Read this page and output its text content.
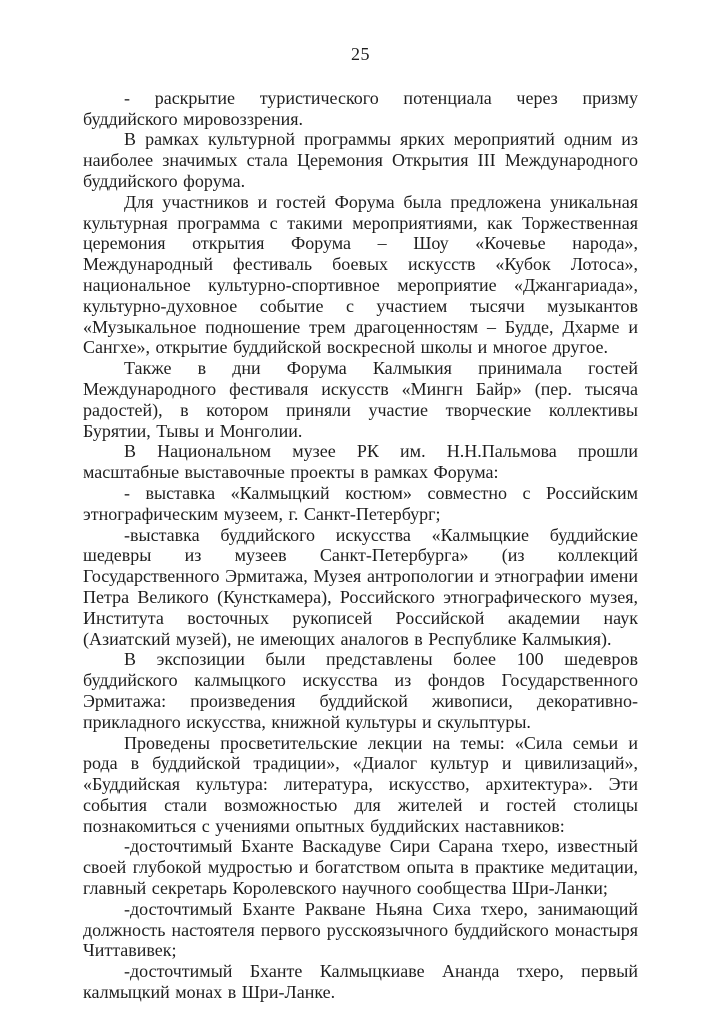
25

- раскрытие туристического потенциала через призму буддийского мировоззрения.

В рамках культурной программы ярких мероприятий одним из наиболее значимых стала Церемония Открытия III Международного буддийского форума.

Для участников и гостей Форума была предложена уникальная культурная программа с такими мероприятиями, как Торжественная церемония открытия Форума – Шоу «Кочевье народа», Международный фестиваль боевых искусств «Кубок Лотоса», национальное культурно-спортивное мероприятие «Джангариада», культурно-духовное событие с участием тысячи музыкантов «Музыкальное подношение трем драгоценностям – Будде, Дхарме и Сангхе», открытие буддийской воскресной школы и многое другое.

Также в дни Форума Калмыкия принимала гостей Международного фестиваля искусств «Мингн Байр» (пер. тысяча радостей), в котором приняли участие творческие коллективы Бурятии, Тывы и Монголии.

В Национальном музее РК им. Н.Н.Пальмова прошли масштабные выставочные проекты в рамках Форума:

- выставка «Калмыцкий костюм» совместно с Российским этнографическим музеем, г. Санкт-Петербург;

-выставка буддийского искусства «Калмыцкие буддийские шедевры из музеев Санкт-Петербурга» (из коллекций Государственного Эрмитажа, Музея антропологии и этнографии имени Петра Великого (Кунсткамера), Российского этнографического музея, Института восточных рукописей Российской академии наук (Азиатский музей), не имеющих аналогов в Республике Калмыкия).

В экспозиции были представлены более 100 шедевров буддийского калмыцкого искусства из фондов Государственного Эрмитажа: произведения буддийской живописи, декоративно-прикладного искусства, книжной культуры и скульптуры.

Проведены просветительские лекции на темы: «Сила семьи и рода в буддийской традиции», «Диалог культур и цивилизаций», «Буддийская культура: литература, искусство, архитектура». Эти события стали возможностью для жителей и гостей столицы познакомиться с учениями опытных буддийских наставников:

-досточтимый Бханте Васкадуве Сири Сарана тхеро, известный своей глубокой мудростью и богатством опыта в практике медитации, главный секретарь Королевского научного сообщества Шри-Ланки;

-досточтимый Бханте Ракване Ньяна Сиха тхеро, занимающий должность настоятеля первого русскоязычного буддийского монастыря Читтавивек;

-досточтимый Бханте Калмыцкиаве Ананда тхеро, первый калмыцкий монах в Шри-Ланке.
